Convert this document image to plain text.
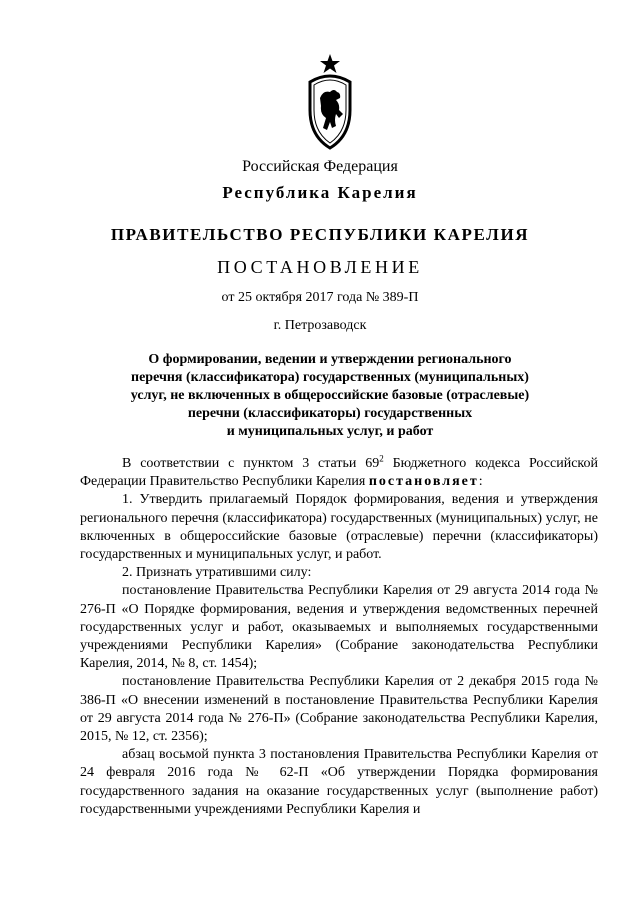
Российская Федерация
Республика Карелия
ПРАВИТЕЛЬСТВО РЕСПУБЛИКИ КАРЕЛИЯ
ПОСТАНОВЛЕНИЕ
от 25 октября 2017 года № 389-П
г. Петрозаводск
О формировании, ведении и утверждении регионального
перечня (классификатора) государственных (муниципальных)
услуг, не включенных в общероссийские базовые (отраслевые)
перечни (классификаторы) государственных
и муниципальных услуг, и работ

В соответствии с пунктом 3 статьи $69^2$ Бюджетного кодекса Российской Федерации Правительство Республики Карелия постановляет:

1. Утвердить прилагаемый Порядок формирования, ведения и утверждения регионального перечня (классификатора) государственных (муниципальных) услуг, не включенных в общероссийские базовые (отраслевые) перечни (классификаторы) государственных и муниципальных услуг, и работ.

2. Признать утратившими силу:

постановление Правительства Республики Карелия от 29 августа 2014 года № 276-П «О Порядке формирования, ведения и утверждения ведомственных перечней государственных услуг и работ, оказываемых и выполняемых государственными учреждениями Республики Карелия» (Собрание законодательства Республики Карелия, 2014, № 8, ст. 1454);

постановление Правительства Республики Карелия от 2 декабря 2015 года № 386-П «О внесении изменений в постановление Правительства Республики Карелия от 29 августа 2014 года № 276-П» (Собрание законодательства Республики Карелия, 2015, № 12, ст. 2356);

абзац восьмой пункта 3 постановления Правительства Республики Карелия от 24 февраля 2016 года № 62-П «Об утверждении Порядка формирования государственного задания на оказание государственных услуг (выполнение работ) государственными учреждениями Республики Карелия и
